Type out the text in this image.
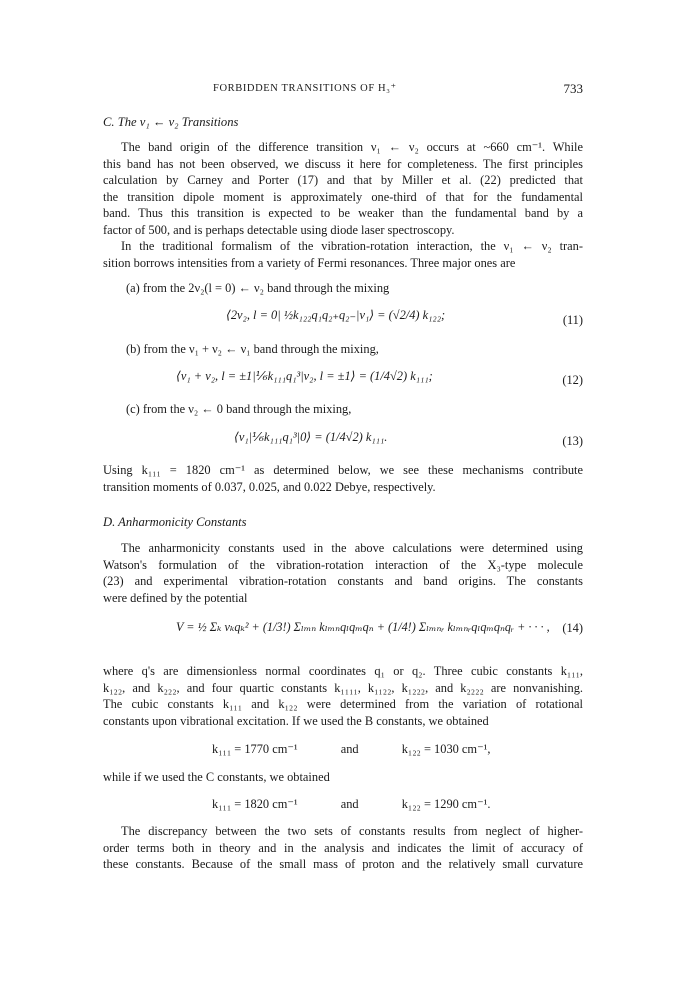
FORBIDDEN TRANSITIONS OF H₃⁺	733
C. The ν₁ ← ν₂ Transitions
The band origin of the difference transition ν₁ ← ν₂ occurs at ~660 cm⁻¹. While
this band has not been observed, we discuss it here for completeness. The first principles
calculation by Carney and Porter (17) and that by Miller et al. (22) predicted that
the transition dipole moment is approximately one-third of that for the fundamental
band. Thus this transition is expected to be weaker than the fundamental band by a
factor of 500, and is perhaps detectable using diode laser spectroscopy.
In the traditional formalism of the vibration-rotation interaction, the ν₁ ← ν₂ tran-
sition borrows intensities from a variety of Fermi resonances. Three major ones are
(a) from the 2ν₂(l = 0) ← ν₂ band through the mixing
⟨2ν₂, l = 0| ½k₁₂₂q₁q₂₊q₂₋|ν₁⟩ = (√2/4) k₁₂₂;	(11)
(b) from the ν₁ + ν₂ ← ν₁ band through the mixing,
⟨ν₁ + ν₂, l = ±1|⅙k₁₁₁q₁³|ν₂, l = ±1⟩ = (1/4√2) k₁₁₁;	(12)
(c) from the ν₂ ← 0 band through the mixing,
⟨ν₁|⅙k₁₁₁q₁³|0⟩ = (1/4√2) k₁₁₁.	(13)
Using k₁₁₁ = 1820 cm⁻¹ as determined below, we see these mechanisms contribute
transition moments of 0.037, 0.025, and 0.022 Debye, respectively.
D. Anharmonicity Constants
The anharmonicity constants used in the above calculations were determined using
Watson's formulation of the vibration-rotation interaction of the X₃-type molecule
(23) and experimental vibration-rotation constants and band origins. The constants
were defined by the potential
V = ½ Σₖ νₖqₖ² + (1/3!) Σₗₘₙ kₗₘₙqₗqₘqₙ + (1/4!) Σₗₘₙᵣ kₗₘₙᵣqₗqₘqₙqᵣ + · · · , (14)
where q's are dimensionless normal coordinates q₁ or q₂. Three cubic constants k₁₁₁,
k₁₂₂, and k₂₂₂, and four quartic constants k₁₁₁₁, k₁₁₂₂, k₁₂₂₂, and k₂₂₂₂ are nonvanishing.
The cubic constants k₁₁₁ and k₁₂₂ were determined from the variation of rotational
constants upon vibrational excitation. If we used the B constants, we obtained
k₁₁₁ = 1770 cm⁻¹	and	k₁₂₂ = 1030 cm⁻¹,
while if we used the C constants, we obtained
k₁₁₁ = 1820 cm⁻¹	and	k₁₂₂ = 1290 cm⁻¹.
The discrepancy between the two sets of constants results from neglect of higher-
order terms both in theory and in the analysis and indicates the limit of accuracy of
these constants. Because of the small mass of proton and the relatively small curvature
